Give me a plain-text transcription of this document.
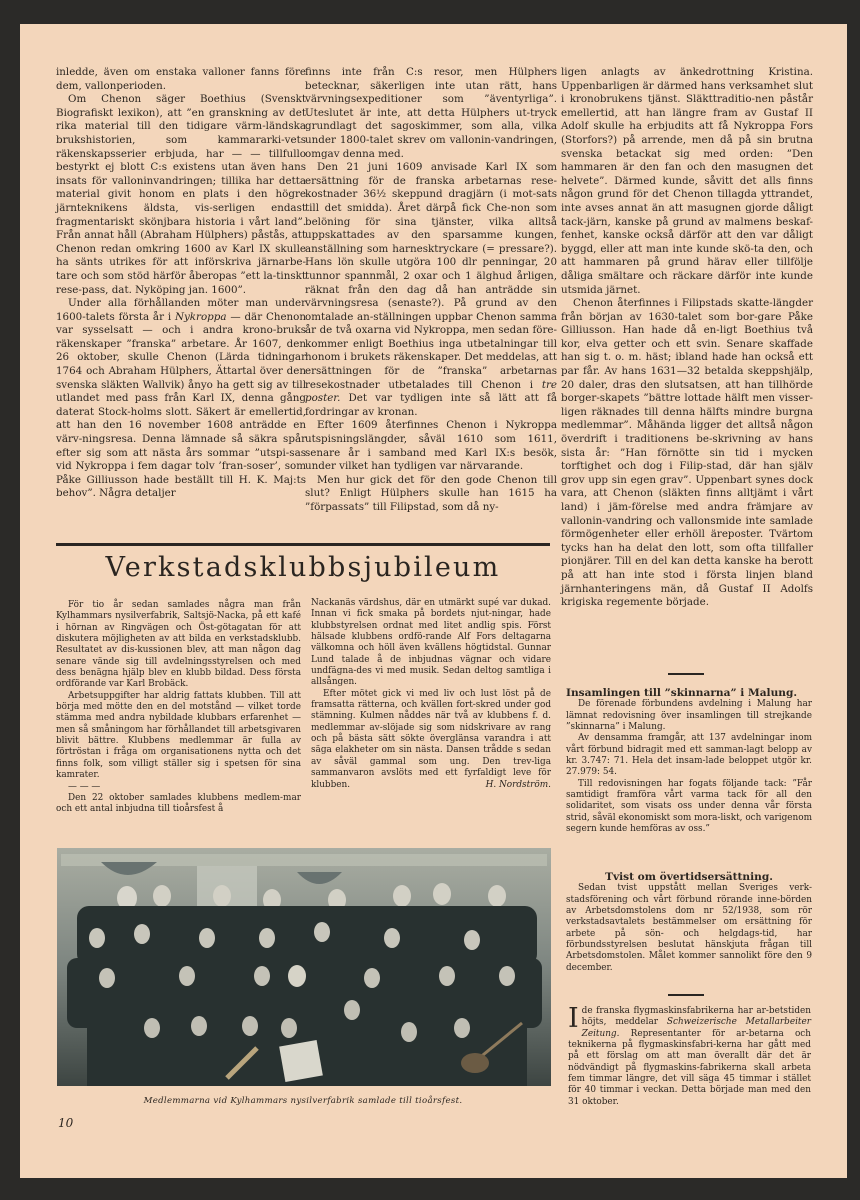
inledde, även om enstaka valloner fanns före dem, vallonperioden.

Om Chenon säger Boethius (Svenskt Biografiskt lexikon), att ”en granskning av det rika material till den tidigare värm-ländska brukshistorien, som kammararki-vets räkenskapsserier erbjuda, har — — tillfullo bestyrkt ej blott C:s existens utan även hans insats för valloninvandringen; tillika har detta material givit honom en plats i den högre järnteknikens äldsta, vis-serligen endast fragmentariskt skönjbara historia i vårt land”. Från annat håll (Abraham Hülphers) påstås, att Chenon redan omkring 1600 av Karl IX skulle ha sänts utrikes för att införskriva järnarbe-tare och som stöd härför åberopas ”ett la-tinskt rese-pass, dat. Nyköping jan. 1600”.

Under alla förhållanden möter man under 1600-talets första år i Nykroppa — där Chenon var sysselsatt — och i andra krono-bruks räkenskaper ”franska” arbetare. År 1607, den 26 oktober, skulle Chenon (Lärda tidningar 1764 och Abraham Hülphers, Ättartal över den svenska släkten Wallvik) ånyo ha gett sig av till utlandet med pass från Karl IX, denna gång daterat Stock-holms slott. Säkert är emellertid, att han den 16 november 1608 anträdde en värv-ningsresa. Denna lämnade så säkra spår efter sig som att nästa års sommar ”utspi-sas vid Nykroppa i fem dagar tolv ’fran-soser’, som Påke Gilliusson hade beställt till H. K. Maj:ts behov”. Några detaljer

finns inte från C:s resor, men Hülphers betecknar, säkerligen inte utan rätt, hans värvningsexpeditioner som ”äventyrliga”. Uteslutet är inte, att detta Hülphers ut-tryck grundlagt det sagoskimmer, som alla, vilka under 1800-talet skrev om vallonin-vandringen, omgav denna med.

Den 21 juni 1609 anvisade Karl IX som ersättning för de franska arbetarnas rese-kostnader 36½ skeppund dragjärn (i mot-sats till det smidda). Året därpå fick Che-non som belöning för sina tjänster, vilka alltså uppskattades av den sparsamme kungen, anställning som harnesktryckare (= pressare?). Hans lön skulle utgöra 100 dlr penningar, 20 tunnor spannmål, 2 oxar och 1 älghud årligen, räknat från den dag då han anträdde sin värvningsresa (senaste?). På grund av den omtalade an-ställningen uppbar Chenon samma år de två oxarna vid Nykroppa, men sedan före-kommer enligt Boethius inga utbetalningar till honom i brukets räkenskaper. Det meddelas, att ersättningen för de ”franska” arbetarnas resekostnader utbetalades till Chenon i tre poster. Det var tydligen inte så lätt att få fordringar av kronan.

Efter 1609 återfinnes Chenon i Nykroppa utspisningslängder, såväl 1610 som 1611, senare år i samband med Karl IX:s besök, under vilket han tydligen var närvarande.

Men hur gick det för den gode Chenon till slut? Enligt Hülphers skulle han 1615 ha ”förpassats” till Filipstad, som då ny-

ligen anlagts av änkedrottning Kristina. Uppenbarligen är därmed hans verksamhet slut i kronobrukens tjänst. Släkttraditio-nen påstår emellertid, att han längre fram av Gustaf II Adolf skulle ha erbjudits att få Nykroppa Fors (Storfors?) på arrende, men då på sin brutna svenska betackat sig med orden: ”Den hammaren är den fan och den masugnen det helvete”. Därmed kunde, såvitt det alls finns någon grund för det Chenon tillagda yttrandet, inte avses annat än att masugnen gjorde dåligt tack-järn, kanske på grund av malmens beskaf-fenhet, kanske också därför att den var dåligt byggd, eller att man inte kunde skö-ta den, och att hammaren på grund härav eller tillfölje dåliga smältare och räckare därför inte kunde utsmida järnet.

Chenon återfinnes i Filipstads skatte-längder från början av 1630-talet som bor-gare Påke Gilliusson. Han hade då en-ligt Boethius två kor, elva getter och ett svin. Senare skaffade han sig t. o. m. häst; ibland hade han också ett par får. Av hans 1631—32 betalda skeppshjälp, 20 daler, dras den slutsatsen, att han tillhörde borger-skapets ”bättre lottade hälft men visser-ligen räknades till denna hälfts mindre burgna medlemmar”. Måhända ligger det alltså någon överdrift i traditionens be-skrivning av hans sista år: ”Han förnötte sin tid i mycken torftighet och dog i Filip-stad, där han själv grov upp sin egen grav”. Uppenbart synes dock vara, att Chenon (släkten finns alltjämt i vårt land) i jäm-förelse med andra främjare av vallonin-vandring och vallonsmide inte samlade förmögenheter eller erhöll äreposter. Tvärtom tycks han ha delat den lott, som ofta tillfaller pionjärer. Till en del kan detta kanske ha berott på att han inte stod i första linjen bland järnhanteringens män, då Gustaf II Adolfs krigiska regemente började.

Verkstadsklubbsjubileum

För tio år sedan samlades några man från Kylhammars nysilverfabrik, Saltsjö-Nacka, på ett kafé i hörnan av Ringvägen och Öst-götagatan för att diskutera möjligheten av att bilda en verkstadsklubb. Resultatet av dis-kussionen blev, att man någon dag senare vände sig till avdelningsstyrelsen och med dess benägna hjälp blev en klubb bildad. Dess första ordförande var Karl Brobäck.

Arbetsuppgifter har aldrig fattats klubben. Till att börja med mötte den en del motstånd — vilket torde stämma med andra nybildade klubbars erfarenhet — men så småningom har förhållandet till arbetsgivaren blivit bättre. Klubbens medlemmar är fulla av förtröstan i fråga om organisationens nytta och det finns folk, som villigt ställer sig i spetsen för sina kamrater.

— — —

Den 22 oktober samlades klubbens medlem-mar och ett antal inbjudna till tioårsfest å

Nackanäs värdshus, där en utmärkt supé var dukad. Innan vi fick smaka på bordets njut-ningar, hade klubbstyrelsen ordnat med litet andlig spis. Först hälsade klubbens ordfö-rande Alf Fors deltagarna välkomna och höll även kvällens högtidstal. Gunnar Lund talade å de inbjudnas vägnar och vidare undfägna-des vi med musik. Sedan deltog samtliga i allsången.

Efter mötet gick vi med liv och lust löst på de framsatta rätterna, och kvällen fort-skred under god stämning. Kulmen nåddes när två av klubbens f. d. medlemmar av-slöjade sig som nidskrivare av rang och på bästa sätt sökte överglänsa varandra i att säga elakheter om sin nästa. Dansen trådde s sedan av såväl gammal som ung. Den trev-liga sammanvaron avslöts med ett fyrfaldigt leve för klubben.	H. Nordström.

Medlemmarna vid Kylhammars nysilverfabrik samlade till tioårsfest.
10

Insamlingen till ”skinnarna” i Malung.

De förenade förbundens avdelning i Malung har lämnat redovisning över insamlingen till strejkande ”skinnarna” i Malung.

Av densamma framgår, att 137 avdelningar inom vårt förbund bidragit med ett samman-lagt belopp av kr. 3.747: 71. Hela det insam-lade beloppet utgör kr. 27.979: 54.

Till redovisningen har fogats följande tack: ”Får samtidigt framföra vårt varma tack för all den solidaritet, som visats oss under denna vår första strid, såväl ekonomiskt som mora-liskt, och varigenom segern kunde hemföras av oss.”

Tvist om övertidsersättning.

Sedan tvist uppstått mellan Sveriges verk-stadsförening och vårt förbund rörande inne-börden av Arbetsdomstolens dom nr 52/1938, som rör verkstadsavtalets bestämmelser om ersättning för arbete på sön- och helgdags-tid, har förbundsstyrelsen beslutat hänskjuta frågan till Arbetsdomstolen. Målet kommer sannolikt före den 9 december.

Ide franska flygmaskinsfabrikerna har ar-betstiden höjts, meddelar Schweizerische Metallarbeiter Zeitung. Representanter för ar-betarna och teknikerna på flygmaskinsfabri-kerna har gått med på ett förslag om att man överallt där det är nödvändigt på flygmaskins-fabrikerna skall arbeta fem timmar längre, det vill säga 45 timmar i stället för 40 timmar i veckan. Detta började man med den 31 oktober.
